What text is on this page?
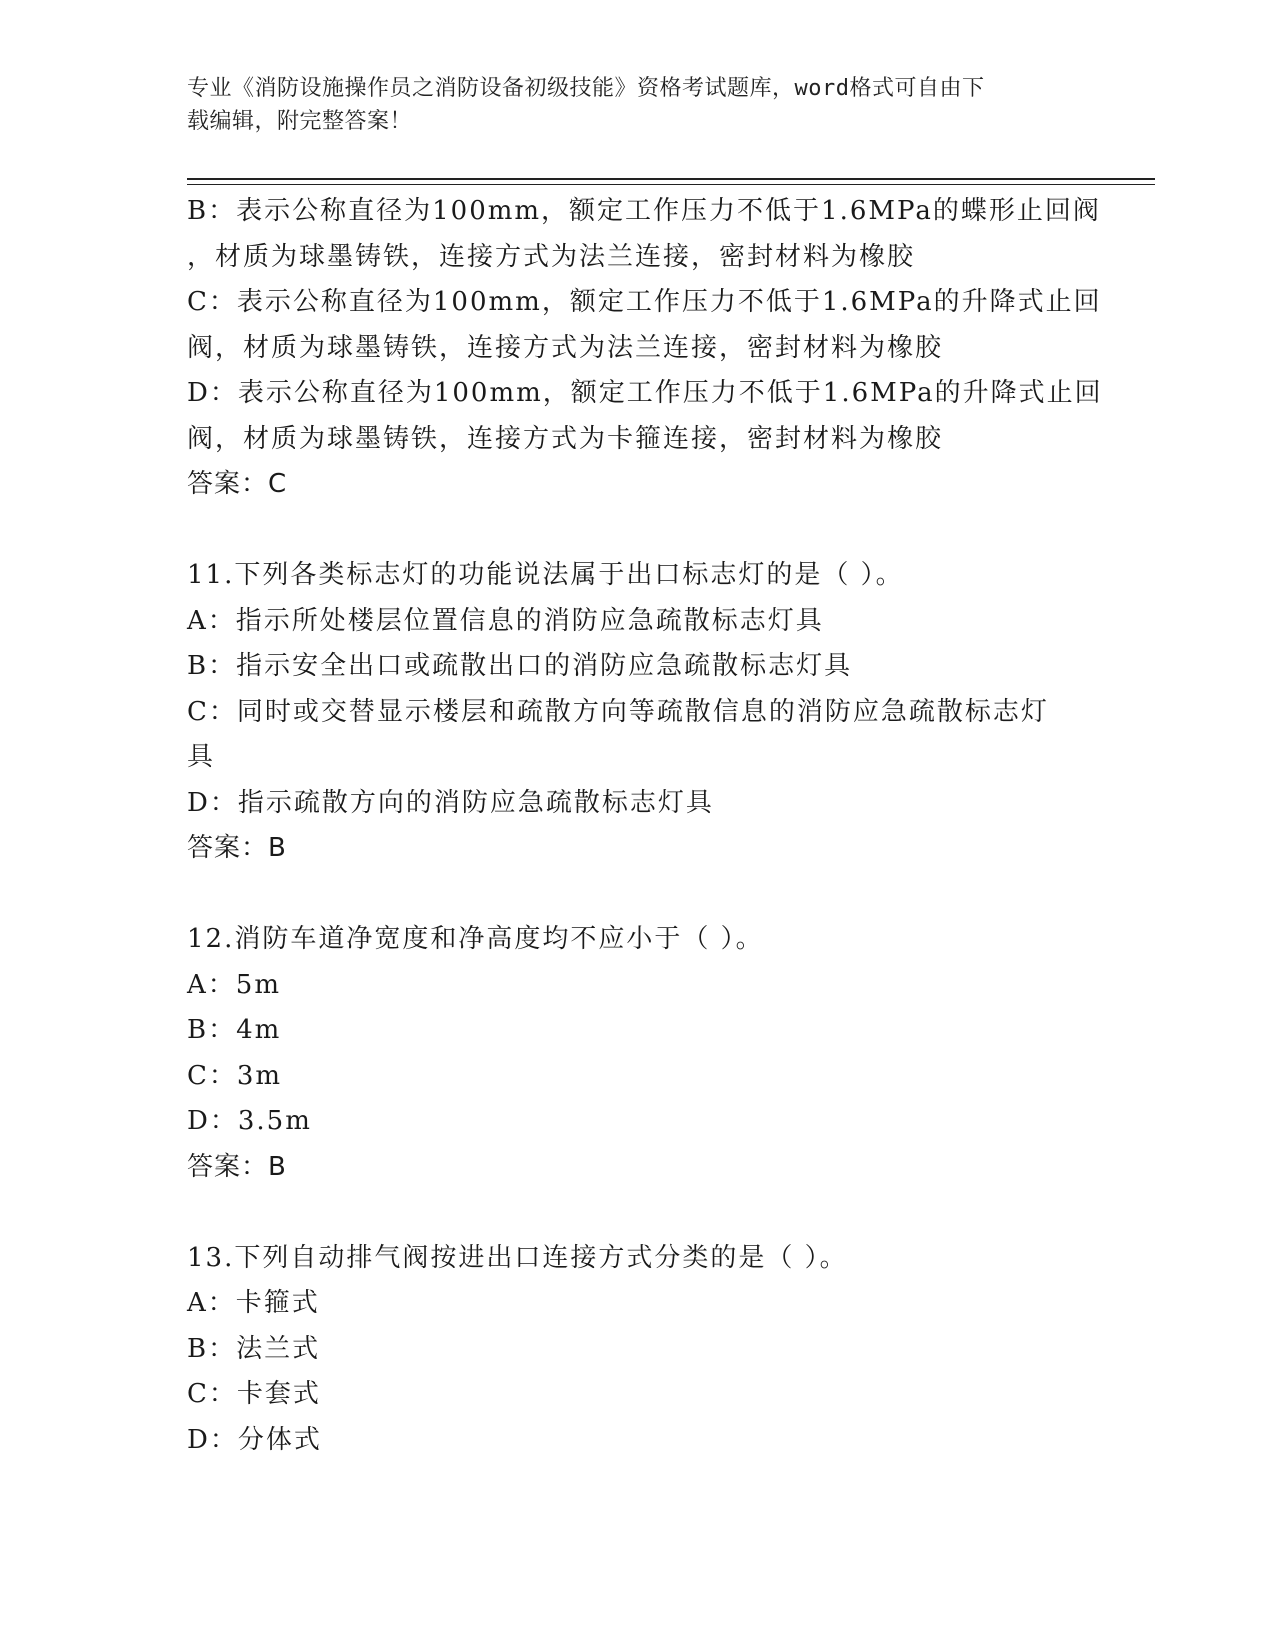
专业《消防设施操作员之消防设备初级技能》资格考试题库，word格式可自由下
载编辑，附完整答案！
B：表示公称直径为100mm，额定工作压力不低于1.6MPa的蝶形止回阀
，材质为球墨铸铁，连接方式为法兰连接，密封材料为橡胶
C：表示公称直径为100mm，额定工作压力不低于1.6MPa的升降式止回
阀，材质为球墨铸铁，连接方式为法兰连接，密封材料为橡胶
D：表示公称直径为100mm，额定工作压力不低于1.6MPa的升降式止回
阀，材质为球墨铸铁，连接方式为卡箍连接，密封材料为橡胶
答案：C
11.下列各类标志灯的功能说法属于出口标志灯的是（ ）。
A：指示所处楼层位置信息的消防应急疏散标志灯具
B：指示安全出口或疏散出口的消防应急疏散标志灯具
C：同时或交替显示楼层和疏散方向等疏散信息的消防应急疏散标志灯
具
D：指示疏散方向的消防应急疏散标志灯具
答案：B
12.消防车道净宽度和净高度均不应小于（ ）。
A：5m
B：4m
C：3m
D：3.5m
答案：B
13.下列自动排气阀按进出口连接方式分类的是（ ）。
A：卡箍式
B：法兰式
C：卡套式
D：分体式
